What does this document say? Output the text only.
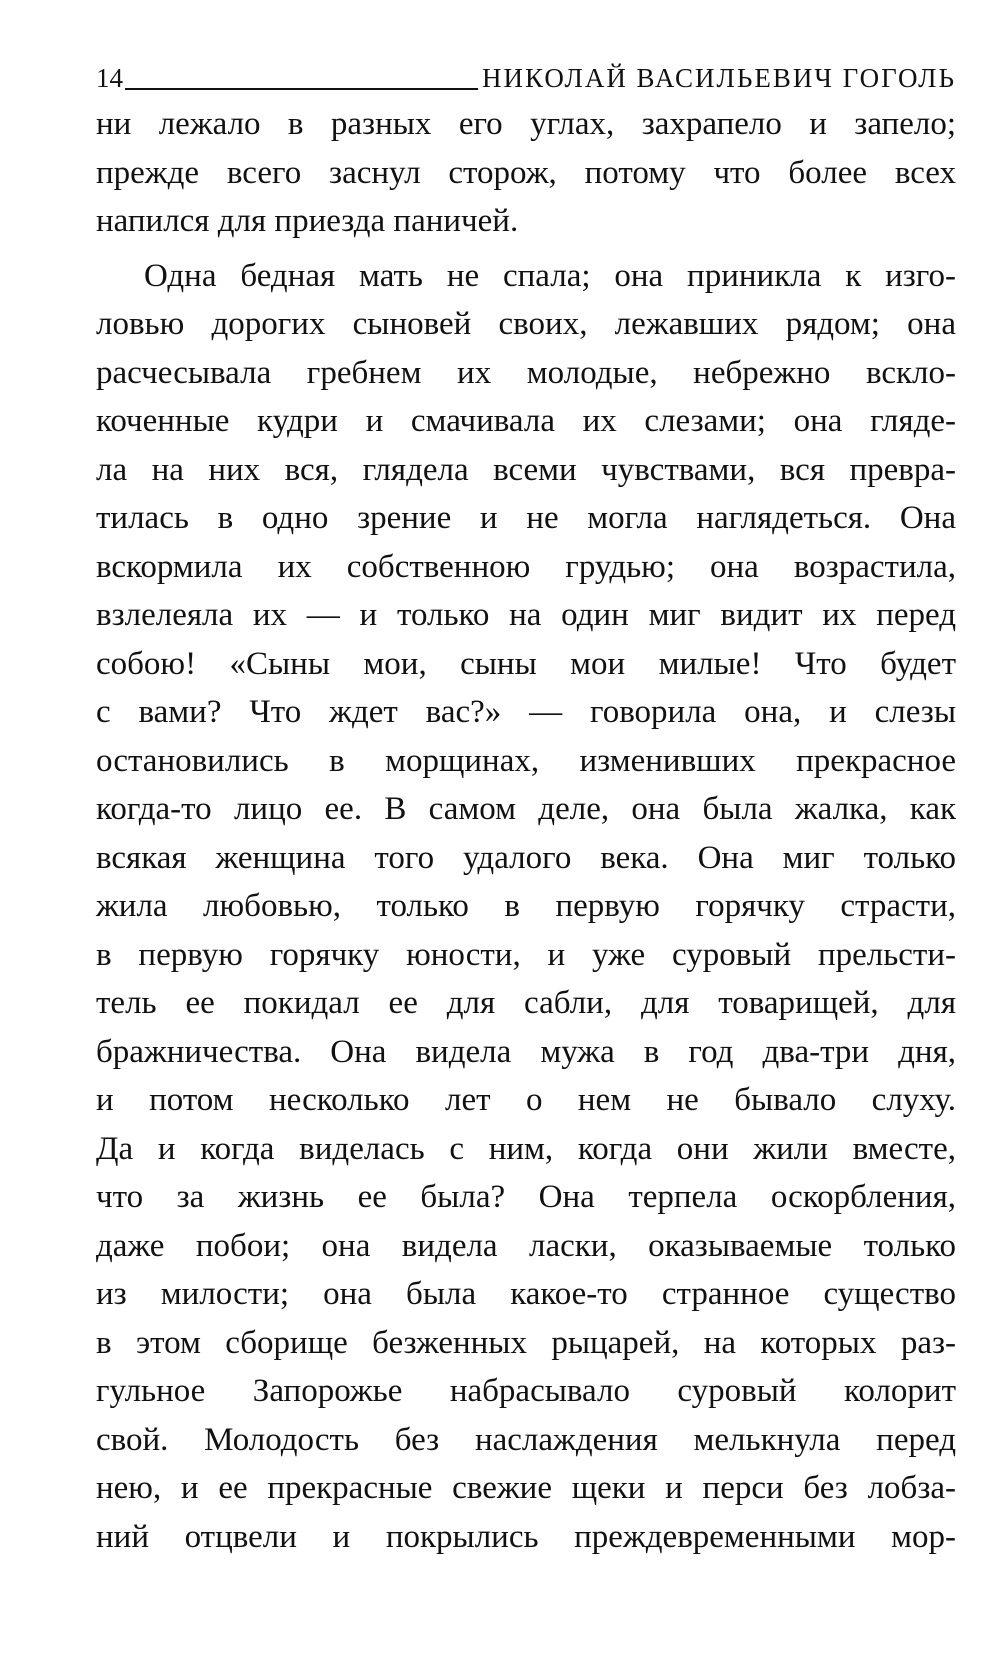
14	НИКОЛАЙ ВАСИЛЬЕВИЧ ГОГОЛЬ
ни лежало в разных его углах, захрапело и запело;
прежде всего заснул сторож, потому что более всех
напился для приезда паничей.
Одна бедная мать не спала; она приникла к изго-
ловью дорогих сыновей своих, лежавших рядом; она
расчесывала гребнем их молодые, небрежно вскло-
коченные кудри и смачивала их слезами; она гляде-
ла на них вся, глядела всеми чувствами, вся превра-
тилась в одно зрение и не могла наглядеться. Она
вскормила их собственною грудью; она возрастила,
взлелеяла их — и только на один миг видит их перед
собою! «Сыны мои, сыны мои милые! Что будет
с вами? Что ждет вас?» — говорила она, и слезы
остановились в морщинах, изменивших прекрасное
когда-то лицо ее. В самом деле, она была жалка, как
всякая женщина того удалого века. Она миг только
жила любовью, только в первую горячку страсти,
в первую горячку юности, и уже суровый прельсти-
тель ее покидал ее для сабли, для товарищей, для
бражничества. Она видела мужа в год два-три дня,
и потом несколько лет о нем не бывало слуху.
Да и когда виделась с ним, когда они жили вместе,
что за жизнь ее была? Она терпела оскорбления,
даже побои; она видела ласки, оказываемые только
из милости; она была какое-то странное существо
в этом сборище безженных рыцарей, на которых раз-
гульное Запорожье набрасывало суровый колорит
свой. Молодость без наслаждения мелькнула перед
нею, и ее прекрасные свежие щеки и перси без лобза-
ний отцвели и покрылись преждевременными мор-
